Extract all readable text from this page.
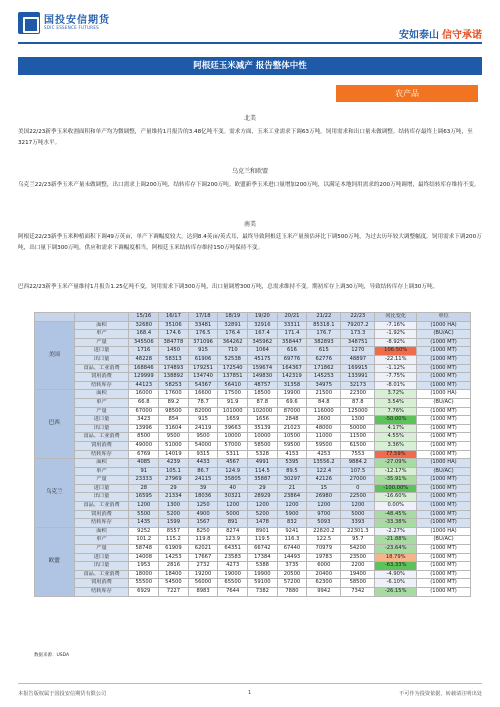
国投安信期货
SDIC ESSENCE FUTURES
安如泰山 信守承诺
阿根廷玉米减产 报告整体中性
农产品
北美
美国22/23新季玉米收割面积和单产均为微调整，产量维持1月报告的3.48亿吨不变。需求方面，玉米工业需求下调63万吨，饲用需求和出口量未做调整。结转库存最终上调63万吨，至3217万吨水平。
乌克兰和欧盟
乌克兰22/23新季玉米产量未做调整，出口需求上调200万吨，结转库存下调200万吨。欧盟新季玉米进口量增加200万吨，以满足本地饲用需求的200万吨调增，最终结转库存维持不变。
南美
阿根廷22/23新季玉米种植面积下调49万英亩，单产下调幅度较大，达到8.4英亩/英式耳，最终导致阿根廷玉米产量预估环比下调500万吨，为过去历年较大调整幅度。饲用需求下调200万吨，出口量下调300万吨，供应和需求下调幅度相当，阿根廷玉米结转库存维持150万吨保持不变。
巴西22/23新季玉米产量维持1月报告1.25亿吨不变。饲用需求下调300万吨，出口量调增300万吨，总需求维持不变。期初库存上调30万吨，导致结转库存上调30万吨。
		15/16	16/17	17/18	18/19	19/20	20/21	21/22	22/23	同比变化	单位
美国	面积	32680	35106	33481	32891	32916	33311	85318.1	79207.2	-7.16%	(1000 HA)
	单产	168.4	174.6	176.5	176.4	167.4	171.4	176.7	173.3	-1.92%	(BU/AC)
	产量	345506	384778	371096	364262	345962	358447	382893	348751	-8.92%	(1000 MT)
	进口量	1716	1450	915	710	1064	616	615	1270	106.50%	(1000 MT)
	出口量	48228	58313	61906	52538	45175	69776	62776	48897	-22.11%	(1000 MT)
	食品、工业消费	168846	174893	179251	172540	159674	164367	171862	169915	-1.12%	(1000 MT)
	饲用消费	129999	138892	134740	137851	149830	142319	145253	133991	-7.75%	(1000 MT)
	结转库存	44123	58253	54367	56410	48757	31358	34975	32173	-8.01%	(1000 MT)
巴西	面积	16000	17600	16600	17500	18500	19900	21500	22300	3.72%	(1000 HA)
	单产	66.8	89.2	78.7	91.9	87.8	69.6	84.8	87.8	3.54%	(BU/AC)
	产量	67000	98500	82000	101000	102000	87000	116000	125000	7.76%	(1000 MT)
	进口量	3423	854	915	1659	1656	2848	2600	1300	-50.00%	(1000 MT)
	出口量	13996	31604	24119	39663	35139	21023	48000	50000	4.17%	(1000 MT)
	食品、工业消费	8500	9500	9500	10000	10000	10500	11000	11500	4.55%	(1000 MT)
	饲用消费	49000	51000	54000	57000	58500	59500	59500	61500	3.36%	(1000 MT)
	结转库存	6769	14019	9315	5311	5328	4153	4253	7553	77.59%	(1000 MT)
乌克兰	面积	4085	4239	4433	4567	4991	5395	13556.2	9884.2	-27.09%	(1000 HA)
	单产	91	105.1	86.7	124.9	114.5	89.5	122.4	107.5	-12.17%	(BU/AC)
	产量	23333	27969	24115	35805	35887	30297	42126	27000	-35.91%	(1000 MT)
	进口量	28	29	39	40	29	21	15	0	-100.00%	(1000 MT)
	出口量	16595	21334	18036	30321	28929	23864	26980	22500	-16.60%	(1000 MT)
	食品、工业消费	1200	1300	1250	1200	1200	1200	1200	1200	0.00%	(1000 MT)
	饲用消费	5500	5200	4900	5000	5200	5900	9700	5000	-48.45%	(1000 MT)
	结转库存	1435	1599	1567	891	1478	832	5093	3393	-33.38%	(1000 MT)
欧盟	面积	9252	8557	8250	8274	8901	9241	22820.2	22301.3	-2.27%	(1000 HA)
	单产	101.2	115.2	119.8	123.9	119.5	116.3	122.5	95.7	-21.88%	(BU/AC)
	产量	58748	61909	62021	64351	66742	67440	70979	54200	-23.64%	(1000 MT)
	进口量	14008	14253	17667	23583	17384	14493	19783	23500	18.79%	(1000 MT)
	出口量	1953	2816	2732	4273	5388	3735	6000	2200	-63.33%	(1000 MT)
	食品、工业消费	18000	18400	19200	19000	19900	20500	20400	19400	-4.90%	(1000 MT)
	饲用消费	55500	54500	56000	65500	59100	57200	62300	58500	-6.10%	(1000 MT)
	结转库存	6929	7227	8983	7644	7382	7880	9942	7342	-26.15%	(1000 MT)
数据来源：USDA
本报告版权属于国投安信期货有限公司	1	不可作为投资依据，转载请注明出处
